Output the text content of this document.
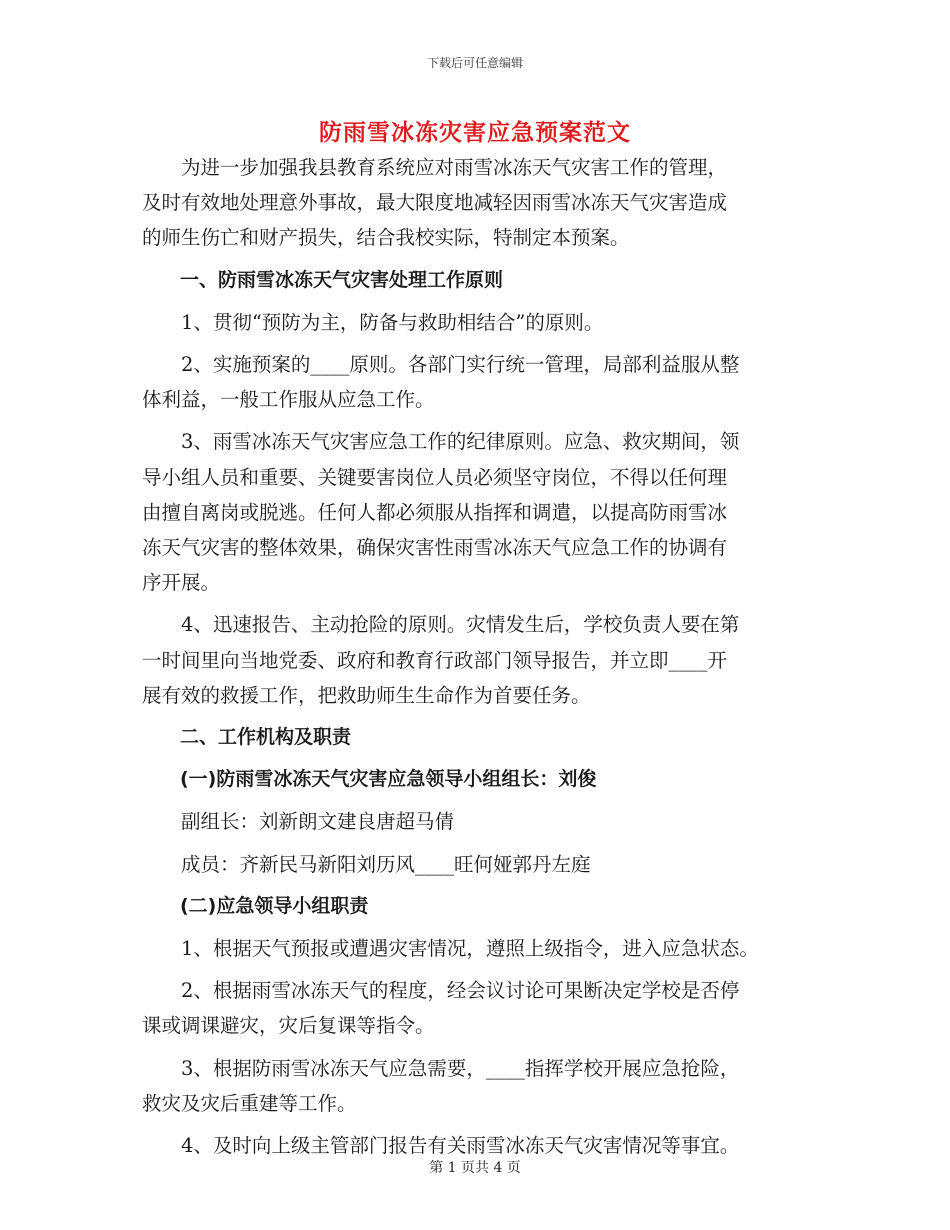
下载后可任意编辑
防雨雪冰冻灾害应急预案范文
为进一步加强我县教育系统应对雨雪冰冻天气灾害工作的管理，
及时有效地处理意外事故，最大限度地减轻因雨雪冰冻天气灾害造成
的师生伤亡和财产损失，结合我校实际，特制定本预案。
一、防雨雪冰冻天气灾害处理工作原则
1、贯彻“预防为主，防备与救助相结合”的原则。
2、实施预案的____原则。各部门实行统一管理，局部利益服从整
体利益，一般工作服从应急工作。
3、雨雪冰冻天气灾害应急工作的纪律原则。应急、救灾期间，领
导小组人员和重要、关键要害岗位人员必须坚守岗位，不得以任何理
由擅自离岗或脱逃。任何人都必须服从指挥和调遣，以提高防雨雪冰
冻天气灾害的整体效果，确保灾害性雨雪冰冻天气应急工作的协调有
序开展。
4、迅速报告、主动抢险的原则。灾情发生后，学校负责人要在第
一时间里向当地党委、政府和教育行政部门领导报告，并立即____开
展有效的救援工作，把救助师生生命作为首要任务。
二、工作机构及职责
(一)防雨雪冰冻天气灾害应急领导小组组长：刘俊
副组长：刘新朗文建良唐超马倩
成员：齐新民马新阳刘历风____旺何娅郭丹左庭
(二)应急领导小组职责
1、根据天气预报或遭遇灾害情况，遵照上级指令，进入应急状态。
2、根据雨雪冰冻天气的程度，经会议讨论可果断决定学校是否停
课或调课避灾，灾后复课等指令。
3、根据防雨雪冰冻天气应急需要，____指挥学校开展应急抢险，
救灾及灾后重建等工作。
4、及时向上级主管部门报告有关雨雪冰冻天气灾害情况等事宜。
第 1 页共 4 页
